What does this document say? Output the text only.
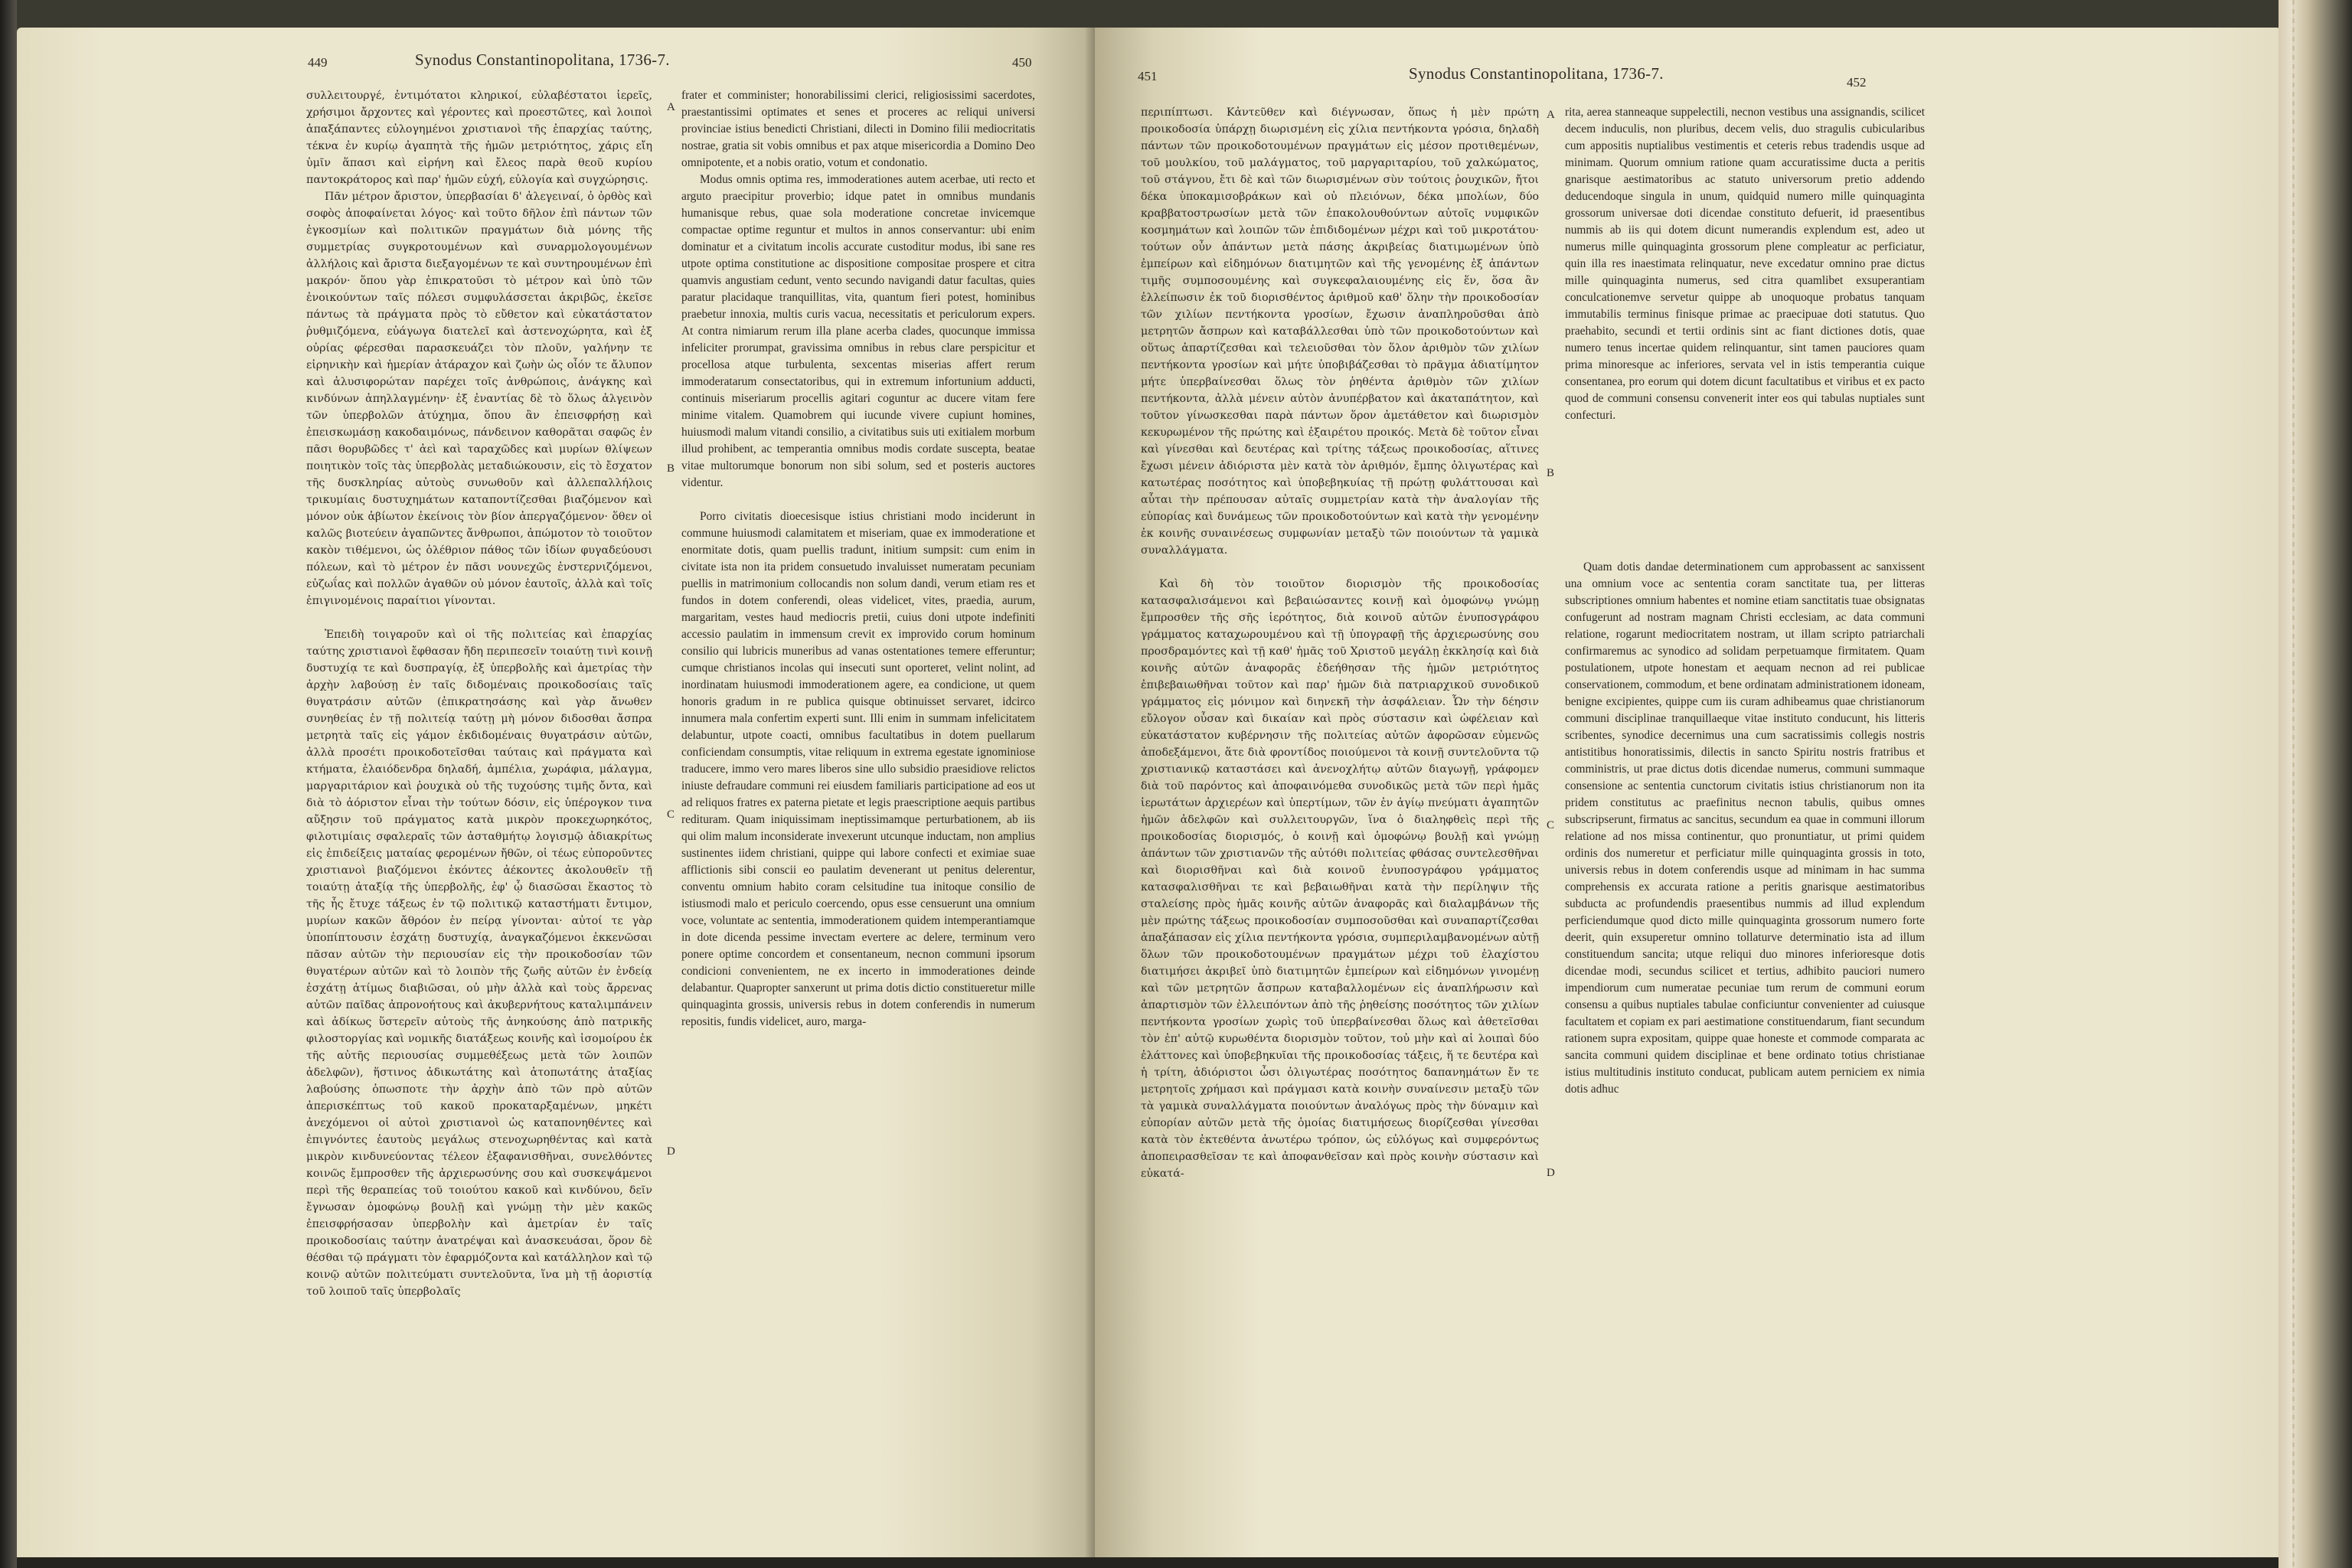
449	Synodus Constantinopolitana, 1736-7.	450

συλλειτουργέ, ἐντιμότατοι κληρικοί, εὐλαβέστατοι ἱερεῖς, χρήσιμοι ἄρχοντες καὶ γέροντες καὶ προεστῶτες, καὶ λοιποὶ ἁπαξάπαντες εὐλογημένοι χριστιανοὶ τῆς ἐπαρχίας ταύτης, τέκνα ἐν κυρίῳ ἀγαπητὰ τῆς ἡμῶν μετριότητος, χάρις εἴη ὑμῖν ἅπασι καὶ εἰρήνη καὶ ἔλεος παρὰ θεοῦ κυρίου παντοκράτορος καὶ παρ' ἡμῶν εὐχή, εὐλογία καὶ συγχώρησις.

Πᾶν μέτρον ἄριστον, ὑπερβασίαι δ' ἀλεγειναί, ὁ ὀρθὸς καὶ σοφὸς ἀποφαίνεται λόγος· καὶ τοῦτο δῆλον ἐπὶ πάντων τῶν ἐγκοσμίων καὶ πολιτικῶν πραγμάτων διὰ μόνης τῆς συμμετρίας συγκροτουμένων καὶ συναρμολογουμένων ἀλλήλοις καὶ ἄριστα διεξαγομένων τε καὶ συντηρουμένων ἐπὶ μακρόν· ὅπου γὰρ ἐπικρατοῦσι τὸ μέτρον καὶ ὑπὸ τῶν ἐνοικούντων ταῖς πόλεσι συμφυλάσσεται ἀκριβῶς, ἐκεῖσε πάντως τὰ πράγματα πρὸς τὸ εὔθετον καὶ εὐκατάστατον ῥυθμιζόμενα, εὐάγωγα διατελεῖ καὶ ἀστενοχώρητα, καὶ ἐξ οὐρίας φέρεσθαι παρασκευάζει τὸν πλοῦν, γαλήνην τε εἰρηνικὴν καὶ ἡμερίαν ἀτάραχον καὶ ζωὴν ὡς οἷόν τε ἄλυπον καὶ ἀλυσιφορώταν παρέχει τοῖς ἀνθρώποις, ἀνάγκης καὶ κινδύνων ἀπηλλαγμένην· ἐξ ἐναντίας δὲ τὸ ὅλως ἀλγεινὸν τῶν ὑπερβολῶν ἀτύχημα, ὅπου ἂν ἐπεισφρήσῃ καὶ ἐπεισκωμάσῃ κακοδαιμόνως, πάνδεινον καθορᾶται σαφῶς ἐν πᾶσι θορυβῶδες τ' ἀεὶ καὶ ταραχῶδες καὶ μυρίων θλίψεων ποιητικὸν τοῖς τὰς ὑπερβολὰς μεταδιώκουσιν, εἰς τὸ ἔσχατον τῆς δυσκληρίας αὐτοὺς συνωθοῦν καὶ ἀλλεπαλλήλοις τρικυμίαις δυστυχημάτων καταποντίζεσθαι βιαζόμενον καὶ μόνον οὐκ ἀβίωτον ἐκείνοις τὸν βίον ἀπεργαζόμενον· ὅθεν οἱ καλῶς βιοτεύειν ἀγαπῶντες ἄνθρωποι, ἀπώμοτον τὸ τοιοῦτον κακὸν τιθέμενοι, ὡς ὀλέθριον πάθος τῶν ἰδίων φυγαδεύουσι πόλεων, καὶ τὸ μέτρον ἐν πᾶσι νουνεχῶς ἐνστερνιζόμενοι, εὐζωΐας καὶ πολλῶν ἀγαθῶν οὐ μόνον ἑαυτοῖς, ἀλλὰ καὶ τοῖς ἐπιγινομένοις παραίτιοι γίνονται.

Ἐπειδὴ τοιγαροῦν καὶ οἱ τῆς πολιτείας καὶ ἐπαρχίας ταύτης χριστιανοὶ ἔφθασαν ἤδη περιπεσεῖν τοιαύτῃ τινὶ κοινῇ δυστυχίᾳ τε καὶ δυσπραγίᾳ, ἐξ ὑπερβολῆς καὶ ἀμετρίας τὴν ἀρχὴν λαβούσῃ ἐν ταῖς διδομέναις προικοδοσίαις ταῖς θυγατράσιν αὐτῶν (ἐπικρατησάσης καὶ γὰρ ἄνωθεν συνηθείας ἐν τῇ πολιτείᾳ ταύτῃ μὴ μόνον διδοσθαι ἄσπρα μετρητὰ ταῖς εἰς γάμον ἐκδιδομέναις θυγατράσιν αὐτῶν, ἀλλὰ προσέτι προικοδοτεῖσθαι ταύταις καὶ πράγματα καὶ κτήματα, ἐλαιόδενδρα δηλαδή, ἀμπέλια, χωράφια, μάλαγμα, μαργαριτάριον καὶ ῥουχικὰ οὐ τῆς τυχούσης τιμῆς ὄντα, καὶ διὰ τὸ ἀόριστον εἶναι τὴν τούτων δόσιν, εἰς ὑπέρογκον τινα αὔξησιν τοῦ πράγματος κατὰ μικρὸν προκεχωρηκότος, φιλοτιμίαις σφαλεραῖς τῶν ἀσταθμήτῳ λογισμῷ ἀδιακρίτως εἰς ἐπιδείξεις ματαίας φερομένων ἤθῶν, οἱ τέως εὐποροῦντες χριστιανοὶ βιαζόμενοι ἑκόντες ἀέκοντες ἀκολουθεῖν τῇ τοιαύτῃ ἀταξίᾳ τῆς ὑπερβολῆς, ἐφ' ᾧ διασῶσαι ἕκαστος τὸ τῆς ἧς ἔτυχε τάξεως ἐν τῷ πολιτικῷ καταστήματι ἔντιμον, μυρίων κακῶν ἄθρόον ἐν πείρᾳ γίνονται· αὐτοί τε γὰρ ὑποπίπτουσιν ἐσχάτῃ δυστυχίᾳ, ἀναγκαζόμενοι ἐκκενῶσαι πᾶσαν αὐτῶν τὴν περιουσίαν εἰς τὴν προικοδοσίαν τῶν θυγατέρων αὐτῶν καὶ τὸ λοιπὸν τῆς ζωῆς αὐτῶν ἐν ἐνδείᾳ ἐσχάτῃ ἀτίμως διαβιῶσαι, οὐ μὴν ἀλλὰ καὶ τοὺς ἄρρενας αὐτῶν παῖδας ἀπρονοήτους καὶ ἀκυβερνήτους καταλιμπάνειν καὶ ἀδίκως ὕστερεῖν αὐτοὺς τῆς ἀνηκούσης ἀπὸ πατρικῆς φιλοστοργίας καὶ νομικῆς διατάξεως κοινῆς καὶ ἰσομοίρου ἐκ τῆς αὐτῆς περιουσίας συμμεθέξεως μετὰ τῶν λοιπῶν ἀδελφῶν), ἥστινος ἀδικωτάτης καὶ ἀτοπωτάτης ἀταξίας λαβούσης ὁπωσποτε τὴν ἀρχὴν ἀπὸ τῶν πρὸ αὐτῶν ἀπερισκέπτως τοῦ κακοῦ προκαταρξαμένων, μηκέτι ἀνεχόμενοι οἱ αὐτοὶ χριστιανοὶ ὡς καταπονηθέντες καὶ ἐπιγνόντες ἑαυτοὺς μεγάλως στενοχωρηθέντας καὶ κατὰ μικρὸν κινδυνεύοντας τέλεον ἐξαφανισθῆναι, συνελθόντες κοινῶς ἔμπροσθεν τῆς ἀρχιερωσύνης σου καὶ συσκεψάμενοι περὶ τῆς θεραπείας τοῦ τοιούτου κακοῦ καὶ κινδύνου, δεῖν ἔγνωσαν ὁμοφώνῳ βουλῇ καὶ γνώμῃ τὴν μὲν κακῶς ἐπεισφρήσασαν ὑπερβολὴν καὶ ἀμετρίαν ἐν ταῖς προικοδοσίαις ταύτην ἀνατρέψαι καὶ ἀνασκευάσαι, ὅρον δὲ θέσθαι τῷ πράγματι τὸν ἐφαρμόζοντα καὶ κατάλληλον καὶ τῷ κοινῷ αὐτῶν πολιτεύματι συντελοῦντα, ἵνα μὴ τῇ ἀοριστίᾳ τοῦ λοιποῦ ταῖς ὑπερβολαῖς

frater et comminister; honorabilissimi clerici, religiosissimi sacerdotes, praestantissimi optimates et senes et proceres ac reliqui universi provinciae istius benedicti Christiani, dilecti in Domino filii mediocritatis nostrae, gratia sit vobis omnibus et pax atque misericordia a Domino Deo omnipotente, et a nobis oratio, votum et condonatio.

Modus omnis optima res, immoderationes autem acerbae, uti recto et arguto praecipitur proverbio; idque patet in omnibus mundanis humanisque rebus, quae sola moderatione concretae invicemque compactae optime reguntur et multos in annos conservantur: ubi enim dominatur et a civitatum incolis accurate custoditur modus, ibi sane res utpote optima constitutione ac dispositione compositae prospere et citra quamvis angustiam cedunt, vento secundo navigandi datur facultas, quies paratur placidaque tranquillitas, vita, quantum fieri potest, hominibus praebetur innoxia, multis curis vacua, necessitatis et periculorum expers. At contra nimiarum rerum illa plane acerba clades, quocunque immissa infeliciter prorumpat, gravissima omnibus in rebus clare perspicitur et procellosa atque turbulenta, sexcentas miserias affert rerum immoderatarum consectatoribus, qui in extremum infortunium adducti, continuis miseriarum procellis agitari coguntur ac ducere vitam fere minime vitalem. Quamobrem qui iucunde vivere cupiunt homines, huiusmodi malum vitandi consilio, a civitatibus suis uti exitialem morbum illud prohibent, ac temperantia omnibus modis cordate suscepta, beatae vitae multorumque bonorum non sibi solum, sed et posteris auctores videntur.

Porro civitatis dioecesisque istius christiani modo inciderunt in commune huiusmodi calamitatem et miseriam, quae ex immoderatione et enormitate dotis, quam puellis tradunt, initium sumpsit: cum enim in civitate ista non ita pridem consuetudo invaluisset numeratam pecuniam puellis in matrimonium collocandis non solum dandi, verum etiam res et fundos in dotem conferendi, oleas videlicet, vites, praedia, aurum, margaritam, vestes haud mediocris pretii, cuius doni utpote indefiniti accessio paulatim in immensum crevit ex improvido corum hominum consilio qui lubricis muneribus ad vanas ostentationes temere efferuntur; cumque christianos incolas qui insecuti sunt oporteret, velint nolint, ad inordinatam huiusmodi immoderationem agere, ea condicione, ut quem honoris gradum in re publica quisque obtinuisset servaret, idcirco innumera mala confertim experti sunt. Illi enim in summam infelicitatem delabuntur, utpote coacti, omnibus facultatibus in dotem puellarum conficiendam consumptis, vitae reliquum in extrema egestate ignominiose traducere, immo vero mares liberos sine ullo subsidio praesidiove relictos iniuste defraudare communi rei eiusdem familiaris participatione ad eos ut ad reliquos fratres ex paterna pietate et legis praescriptione aequis partibus redituram. Quam iniquissimam ineptissimamque perturbationem, ab iis qui olim malum inconsiderate invexerunt utcunque inductam, non amplius sustinentes iidem christiani, quippe qui labore confecti et eximiae suae afflictionis sibi conscii eo paulatim devenerant ut penitus delerentur, conventu omnium habito coram celsitudine tua initoque consilio de istiusmodi malo et periculo coercendo, opus esse censuerunt una omnium voce, voluntate ac sententia, immoderationem quidem intemperantiamque in dote dicenda pessime invectam evertere ac delere, terminum vero ponere optime concordem et consentaneum, necnon communi ipsorum condicioni convenientem, ne ex incerto in immoderationes deinde delabantur. Quapropter sanxerunt ut prima dotis dictio constitueretur mille quinquaginta grossis, universis rebus in dotem conferendis in numerum repositis, fundis videlicet, auro, marga-

A
B
C
D
451	Synodus Constantinopolitana, 1736-7.	452

περιπίπτωσι. Κἀντεῦθεν καὶ διέγνωσαν, ὅπως ἡ μὲν πρώτη προικοδοσία ὑπάρχῃ διωρισμένη εἰς χίλια πεντήκοντα γρόσια, δηλαδὴ πάντων τῶν προικοδοτουμένων πραγμάτων εἰς μέσον προτιθεμένων, τοῦ μουλκίου, τοῦ μαλάγματος, τοῦ μαργαριταρίου, τοῦ χαλκώματος, τοῦ στάγνου, ἔτι δὲ καὶ τῶν διωρισμένων σὺν τούτοις ῥουχικῶν, ἤτοι δέκα ὑποκαμισοβράκων καὶ οὐ πλειόνων, δέκα μπολίων, δύο κραββατοστρωσίων μετὰ τῶν ἐπακολουθούντων αὐτοῖς νυμφικῶν κοσμημάτων καὶ λοιπῶν τῶν ἐπιδιδομένων μέχρι καὶ τοῦ μικροτάτου· τούτων οὖν ἁπάντων μετὰ πάσης ἀκριβείας διατιμωμένων ὑπὸ ἐμπείρων καὶ εἰδημόνων διατιμητῶν καὶ τῆς γενομένης ἐξ ἁπάντων τιμῆς συμποσουμένης καὶ συγκεφαλαιουμένης εἰς ἕν, ὅσα ἂν ἐλλείπωσιν ἐκ τοῦ διορισθέντος ἀριθμοῦ καθ' ὅλην τὴν προικοδοσίαν τῶν χιλίων πεντήκοντα γροσίων, ἔχωσιν ἀναπληροῦσθαι ἀπὸ μετρητῶν ἄσπρων καὶ καταβάλλεσθαι ὑπὸ τῶν προικοδοτούντων καὶ οὕτως ἀπαρτίζεσθαι καὶ τελειοῦσθαι τὸν ὅλον ἀριθμὸν τῶν χιλίων πεντήκοντα γροσίων καὶ μήτε ὑποβιβάζεσθαι τὸ πρᾶγμα ἀδιατίμητον μήτε ὑπερβαίνεσθαι ὅλως τὸν ῥηθέντα ἀριθμὸν τῶν χιλίων πεντήκοντα, ἀλλὰ μένειν αὐτὸν ἀνυπέρβατον καὶ ἀκαταπάτητον, καὶ τοῦτον γίνωσκεσθαι παρὰ πάντων ὅρον ἀμετάθετον καὶ διωρισμὸν κεκυρωμένον τῆς πρώτης καὶ ἐξαιρέτου προικός. Μετὰ δὲ τοῦτον εἶναι καὶ γίνεσθαι καὶ δευτέρας καὶ τρίτης τάξεως προικοδοσίας, αἵτινες ἔχωσι μένειν ἀδιόριστα μὲν κατὰ τὸν ἀριθμόν, ἔμπης ὀλιγωτέρας καὶ κατωτέρας ποσότητος καὶ ὑποβεβηκυίας τῇ πρώτῃ φυλάττουσαι καὶ αὗται τὴν πρέπουσαν αὐταῖς συμμετρίαν κατὰ τὴν ἀναλογίαν τῆς εὐπορίας καὶ δυνάμεως τῶν προικοδοτούντων καὶ κατὰ τὴν γενομένην ἐκ κοινῆς συναινέσεως συμφωνίαν μεταξὺ τῶν ποιούντων τὰ γαμικὰ συναλλάγματα.

Καὶ δὴ τὸν τοιοῦτον διορισμὸν τῆς προικοδοσίας κατασφαλισάμενοι καὶ βεβαιώσαντες κοινῇ καὶ ὁμοφώνῳ γνώμῃ ἔμπροσθεν τῆς σῆς ἱερότητος, διὰ κοινοῦ αὐτῶν ἐνυποσγράφου γράμματος καταχωρουμένου καὶ τῇ ὑπογραφῇ τῆς ἀρχιερωσύνης σου προσδραμόντες καὶ τῇ καθ' ἡμᾶς τοῦ Χριστοῦ μεγάλῃ ἐκκλησίᾳ καὶ διὰ κοινῆς αὐτῶν ἀναφορᾶς ἐδεήθησαν τῆς ἡμῶν μετριότητος ἐπιβεβαιωθῆναι τοῦτον καὶ παρ' ἡμῶν διὰ πατριαρχικοῦ συνοδικοῦ γράμματος εἰς μόνιμον καὶ διηνεκῆ τὴν ἀσφάλειαν. Ὧν τὴν δέησιν εὔλογον οὖσαν καὶ δικαίαν καὶ πρὸς σύστασιν καὶ ὠφέλειαν καὶ εὐκατάστατον κυβέρνησιν τῆς πολιτείας αὐτῶν ἀφορῶσαν εὐμενῶς ἀποδεξάμενοι, ἅτε διὰ φροντίδος ποιούμενοι τὰ κοινῇ συντελοῦντα τῷ χριστιανικῷ καταστάσει καὶ ἀνενοχλήτῳ αὐτῶν διαγωγῇ, γράφομεν διὰ τοῦ παρόντος καὶ ἀποφαινόμεθα συνοδικῶς μετὰ τῶν περὶ ἡμᾶς ἱερωτάτων ἀρχιερέων καὶ ὑπερτίμων, τῶν ἐν ἁγίῳ πνεύματι ἀγαπητῶν ἡμῶν ἀδελφῶν καὶ συλλειτουργῶν, ἵνα ὁ διαληφθεὶς περὶ τῆς προικοδοσίας διορισμός, ὁ κοινῇ καὶ ὁμοφώνῳ βουλῇ καὶ γνώμῃ ἁπάντων τῶν χριστιανῶν τῆς αὐτόθι πολιτείας φθάσας συντελεσθῆναι καὶ διορισθῆναι καὶ διὰ κοινοῦ ἐνυποσγράφου γράμματος κατασφαλισθῆναι τε καὶ βεβαιωθῆναι κατὰ τὴν περίληψιν τῆς σταλείσης πρὸς ἡμᾶς κοινῆς αὐτῶν ἀναφορᾶς καὶ διαλαμβάνων τῆς μὲν πρώτης τάξεως προικοδοσίαν συμποσοῦσθαι καὶ συναπαρτίζεσθαι ἁπαξάπασαν εἰς χίλια πεντήκοντα γρόσια, συμπεριλαμβανομένων αὐτῇ ὅλων τῶν προικοδοτουμένων πραγμάτων μέχρι τοῦ ἐλαχίστου διατιμήσει ἀκριβεῖ ὑπὸ διατιμητῶν ἐμπείρων καὶ εἰδημόνων γινομένῃ καὶ τῶν μετρητῶν ἄσπρων καταβαλλομένων εἰς ἀναπλήρωσιν καὶ ἀπαρτισμὸν τῶν ἐλλειπόντων ἀπὸ τῆς ῥηθείσης ποσότητος τῶν χιλίων πεντήκοντα γροσίων χωρὶς τοῦ ὑπερβαίνεσθαι ὅλως καὶ ἀθετεῖσθαι τὸν ἐπ' αὐτῷ κυρωθέντα διορισμὸν τοῦτον, τοὐ μὴν καὶ αἱ λοιπαὶ δύο ἐλάττονες καὶ ὑποβεβηκυῖαι τῆς προικοδοσίας τάξεις, ἥ τε δευτέρα καὶ ἡ τρίτη, ἀδιόριστοι ὦσι ὀλιγωτέρας ποσότητος δαπανημάτων ἔν τε μετρητοῖς χρήμασι καὶ πράγμασι κατὰ κοινὴν συναίνεσιν μεταξὺ τῶν τὰ γαμικὰ συναλλάγματα ποιούντων ἀναλόγως πρὸς τὴν δύναμιν καὶ εὐπορίαν αὐτῶν μετὰ τῆς ὁμοίας διατιμήσεως διορίζεσθαι γίνεσθαι κατὰ τὸν ἐκτεθέντα ἀνωτέρω τρόπον, ὡς εὐλόγως καὶ συμφερόντως ἀποπειρασθεῖσαν τε καὶ ἀποφανθεῖσαν καὶ πρὸς κοινὴν σύστασιν καὶ εὐκατά-

rita, aerea stanneaque suppelectili, necnon vestibus una assignandis, scilicet decem induculis, non pluribus, decem velis, duo stragulis cubicularibus cum appositis nuptialibus vestimentis et ceteris rebus tradendis usque ad minimam. Quorum omnium ratione quam accuratissime ducta a peritis gnarisque aestimatoribus ac statuto universorum pretio addendo deducendoque singula in unum, quidquid numero mille quinquaginta grossorum universae doti dicendae constituto defuerit, id praesentibus nummis ab iis qui dotem dicunt numerandis explendum est, adeo ut numerus mille quinquaginta grossorum plene compleatur ac perficiatur, quin illa res inaestimata relinquatur, neve excedatur omnino prae dictus mille quinquaginta numerus, sed citra quamlibet exsuperantiam conculcationemve servetur quippe ab unoquoque probatus tanquam immutabilis terminus finisque primae ac praecipuae doti statutus. Quo praehabito, secundi et tertii ordinis sint ac fiant dictiones dotis, quae numero tenus incertae quidem relinquantur, sint tamen pauciores quam prima minoresque ac inferiores, servata vel in istis temperantia cuique consentanea, pro eorum qui dotem dicunt facultatibus et viribus et ex pacto quod de communi consensu convenerit inter eos qui tabulas nuptiales sunt confecturi.

Quam dotis dandae determinationem cum approbassent ac sanxissent una omnium voce ac sententia coram sanctitate tua, per litteras subscriptiones omnium habentes et nomine etiam sanctitatis tuae obsignatas confugerunt ad nostram magnam Christi ecclesiam, ac data communi relatione, rogarunt mediocritatem nostram, ut illam scripto patriarchali confirmaremus ac synodico ad solidam perpetuamque firmitatem. Quam postulationem, utpote honestam et aequam necnon ad rei publicae conservationem, commodum, et bene ordinatam administrationem idoneam, benigne excipientes, quippe cum iis curam adhibeamus quae christianorum communi disciplinae tranquillaeque vitae instituto conducunt, his litteris scribentes, synodice decernimus una cum sacratissimis collegis nostris antistitibus honoratissimis, dilectis in sancto Spiritu nostris fratribus et comministris, ut prae dictus dotis dicendae numerus, communi summaque consensione ac sententia cunctorum civitatis istius christianorum non ita pridem constitutus ac praefinitus necnon tabulis, quibus omnes subscripserunt, firmatus ac sancitus, secundum ea quae in communi illorum relatione ad nos missa continentur, quo pronuntiatur, ut primi quidem ordinis dos numeretur et perficiatur mille quinquaginta grossis in toto, universis rebus in dotem conferendis usque ad minimam in hac summa comprehensis ex accurata ratione a peritis gnarisque aestimatoribus subducta ac profundendis praesentibus nummis ad illud explendum perficiendumque quod dicto mille quinquaginta grossorum numero forte deerit, quin exsuperetur omnino tollaturve determinatio ista ad illum constituendum sancita; utque reliqui duo minores inferioresque dotis dicendae modi, secundus scilicet et tertius, adhibito pauciori numero impendiorum cum numeratae pecuniae tum rerum de communi eorum consensu a quibus nuptiales tabulae conficiuntur convenienter ad cuiusque facultatem et copiam ex pari aestimatione constituendarum, fiant secundum rationem supra expositam, quippe quae honeste et commode comparata ac sancita communi quidem disciplinae et bene ordinato totius christianae istius multitudinis instituto conducat, publicam autem perniciem ex nimia dotis adhuc

A
B
C
D
